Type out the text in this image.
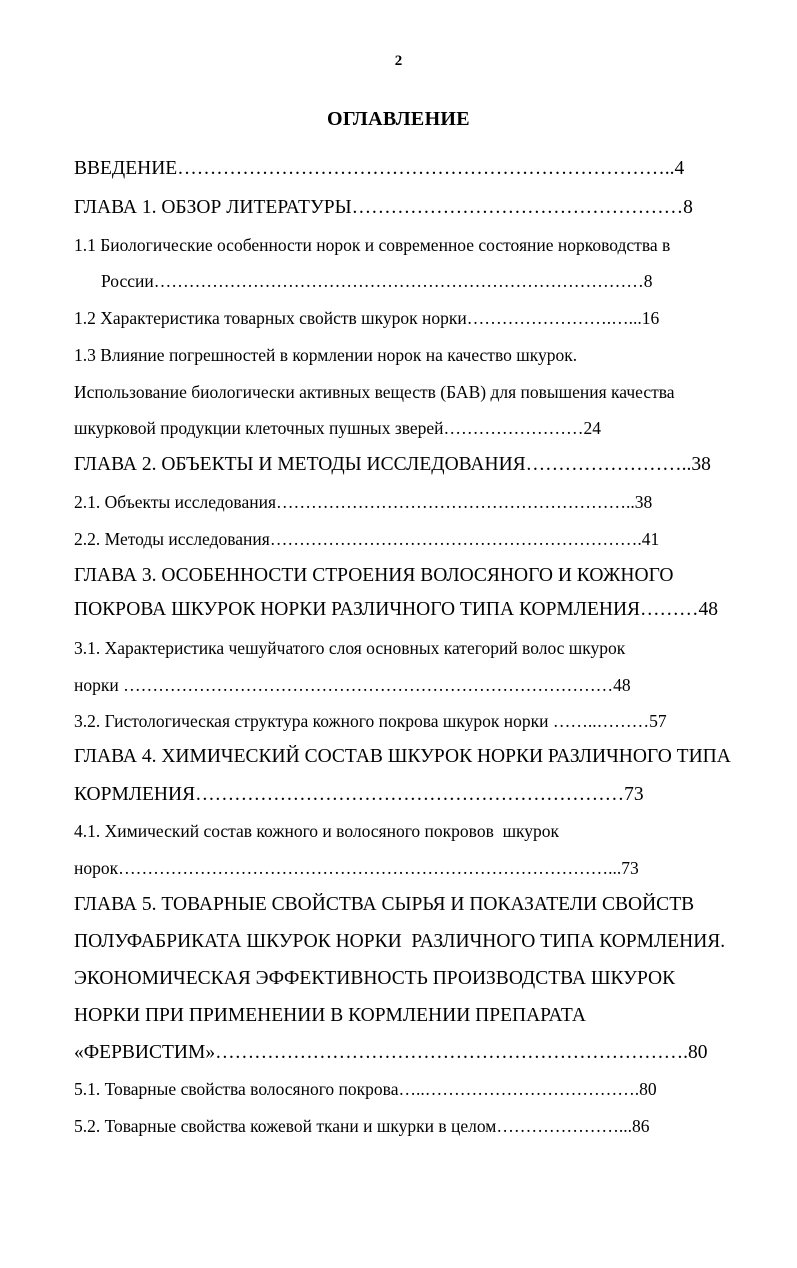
2
ОГЛАВЛЕНИЕ
ВВЕДЕНИЕ…………………………………………………………………..4
ГЛАВА 1. ОБЗОР ЛИТЕРАТУРЫ……………………………………………8
1.1 Биологические особенности норок и современное состояние норководства в
России…………………………………………………………………………8
1.2 Характеристика товарных свойств шкурок норки…………………….…...16
1.3 Влияние погрешностей в кормлении норок на качество шкурок.
Использование биологически активных веществ (БАВ) для повышения качества
шкурковой продукции клеточных пушных зверей……………………24
ГЛАВА 2. ОБЪЕКТЫ И МЕТОДЫ ИССЛЕДОВАНИЯ……………………..38
2.1. Объекты исследования……………………………………………………..38
2.2. Методы исследования……………………………………………………….41
ГЛАВА 3. ОСОБЕННОСТИ СТРОЕНИЯ ВОЛОСЯНОГО И КОЖНОГО
ПОКРОВА ШКУРОК НОРКИ РАЗЛИЧНОГО ТИПА КОРМЛЕНИЯ………48
3.1. Характеристика чешуйчатого слоя основных категорий волос шкурок
норки …………………………………………………………………………48
3.2. Гистологическая структура кожного покрова шкурок норки ……..………57
ГЛАВА 4. ХИМИЧЕСКИЙ СОСТАВ ШКУРОК НОРКИ РАЗЛИЧНОГО ТИПА
КОРМЛЕНИЯ…………………………………………………………73
4.1. Химический состав кожного и волосяного покровов  шкурок
норок…………………………………………………………………………...73
ГЛАВА 5. ТОВАРНЫЕ СВОЙСТВА СЫРЬЯ И ПОКАЗАТЕЛИ СВОЙСТВ
ПОЛУФАБРИКАТА ШКУРОК НОРКИ  РАЗЛИЧНОГО ТИПА КОРМЛЕНИЯ.
ЭКОНОМИЧЕСКАЯ ЭФФЕКТИВНОСТЬ ПРОИЗВОДСТВА ШКУРОК
НОРКИ ПРИ ПРИМЕНЕНИИ В КОРМЛЕНИИ ПРЕПАРАТА
«ФЕРВИСТИМ»……………………………………………………………….80
5.1. Товарные свойства волосяного покрова…..……………………………….80
5.2. Товарные свойства кожевой ткани и шкурки в целом…………………...86
